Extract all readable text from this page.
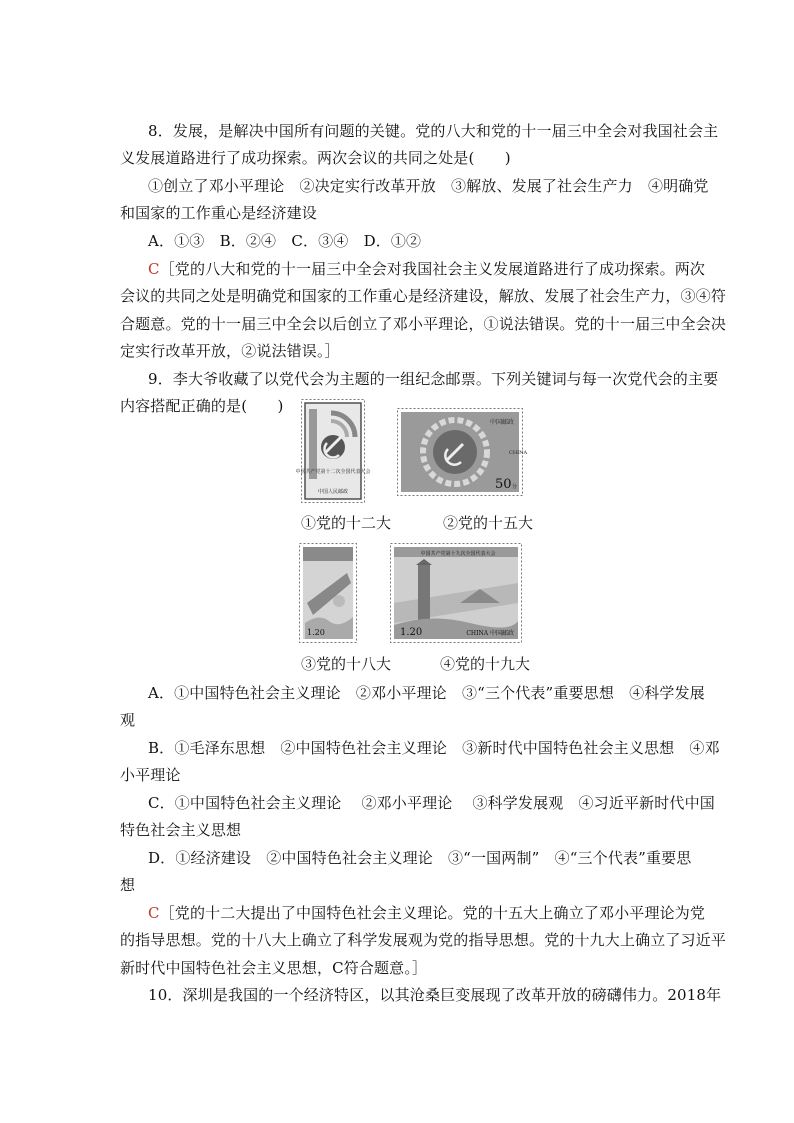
8．发展，是解决中国所有问题的关键。党的八大和党的十一届三中全会对我国社会主
义发展道路进行了成功探索。两次会议的共同之处是(　　)
①创立了邓小平理论　②决定实行改革开放　③解放、发展了社会生产力　④明确党
和国家的工作重心是经济建设
A．①③　B．②④　C．③④　D．①②
C［党的八大和党的十一届三中全会对我国社会主义发展道路进行了成功探索。两次
会议的共同之处是明确党和国家的工作重心是经济建设，解放、发展了社会生产力，③④符
合题意。党的十一届三中全会以后创立了邓小平理论，①说法错误。党的十一届三中全会决
定实行改革开放，②说法错误。］
9．李大爷收藏了以党代会为主题的一组纪念邮票。下列关键词与每一次党代会的主要
内容搭配正确的是(　　)
中国共产党第十二次全国代表大会
中国人民邮政
中国邮政
CHINA
50 分
①党的十二大	②党的十五大
1.20
中国共产党第十九次全国代表大会
1.20	CHINA 中国邮政
③党的十八大	④党的十九大
A．①中国特色社会主义理论　②邓小平理论　③“三个代表”重要思想　④科学发展
观
B．①毛泽东思想　②中国特色社会主义理论　③新时代中国特色社会主义思想　④邓
小平理论
C．①中国特色社会主义理论　 ②邓小平理论　 ③科学发展观　④习近平新时代中国
特色社会主义思想
D．①经济建设　②中国特色社会主义理论　③“一国两制”　④“三个代表”重要思
想
C［党的十二大提出了中国特色社会主义理论。党的十五大上确立了邓小平理论为党
的指导思想。党的十八大上确立了科学发展观为党的指导思想。党的十九大上确立了习近平
新时代中国特色社会主义思想，C符合题意。］
10．深圳是我国的一个经济特区，以其沧桑巨变展现了改革开放的磅礴伟力。2018年
